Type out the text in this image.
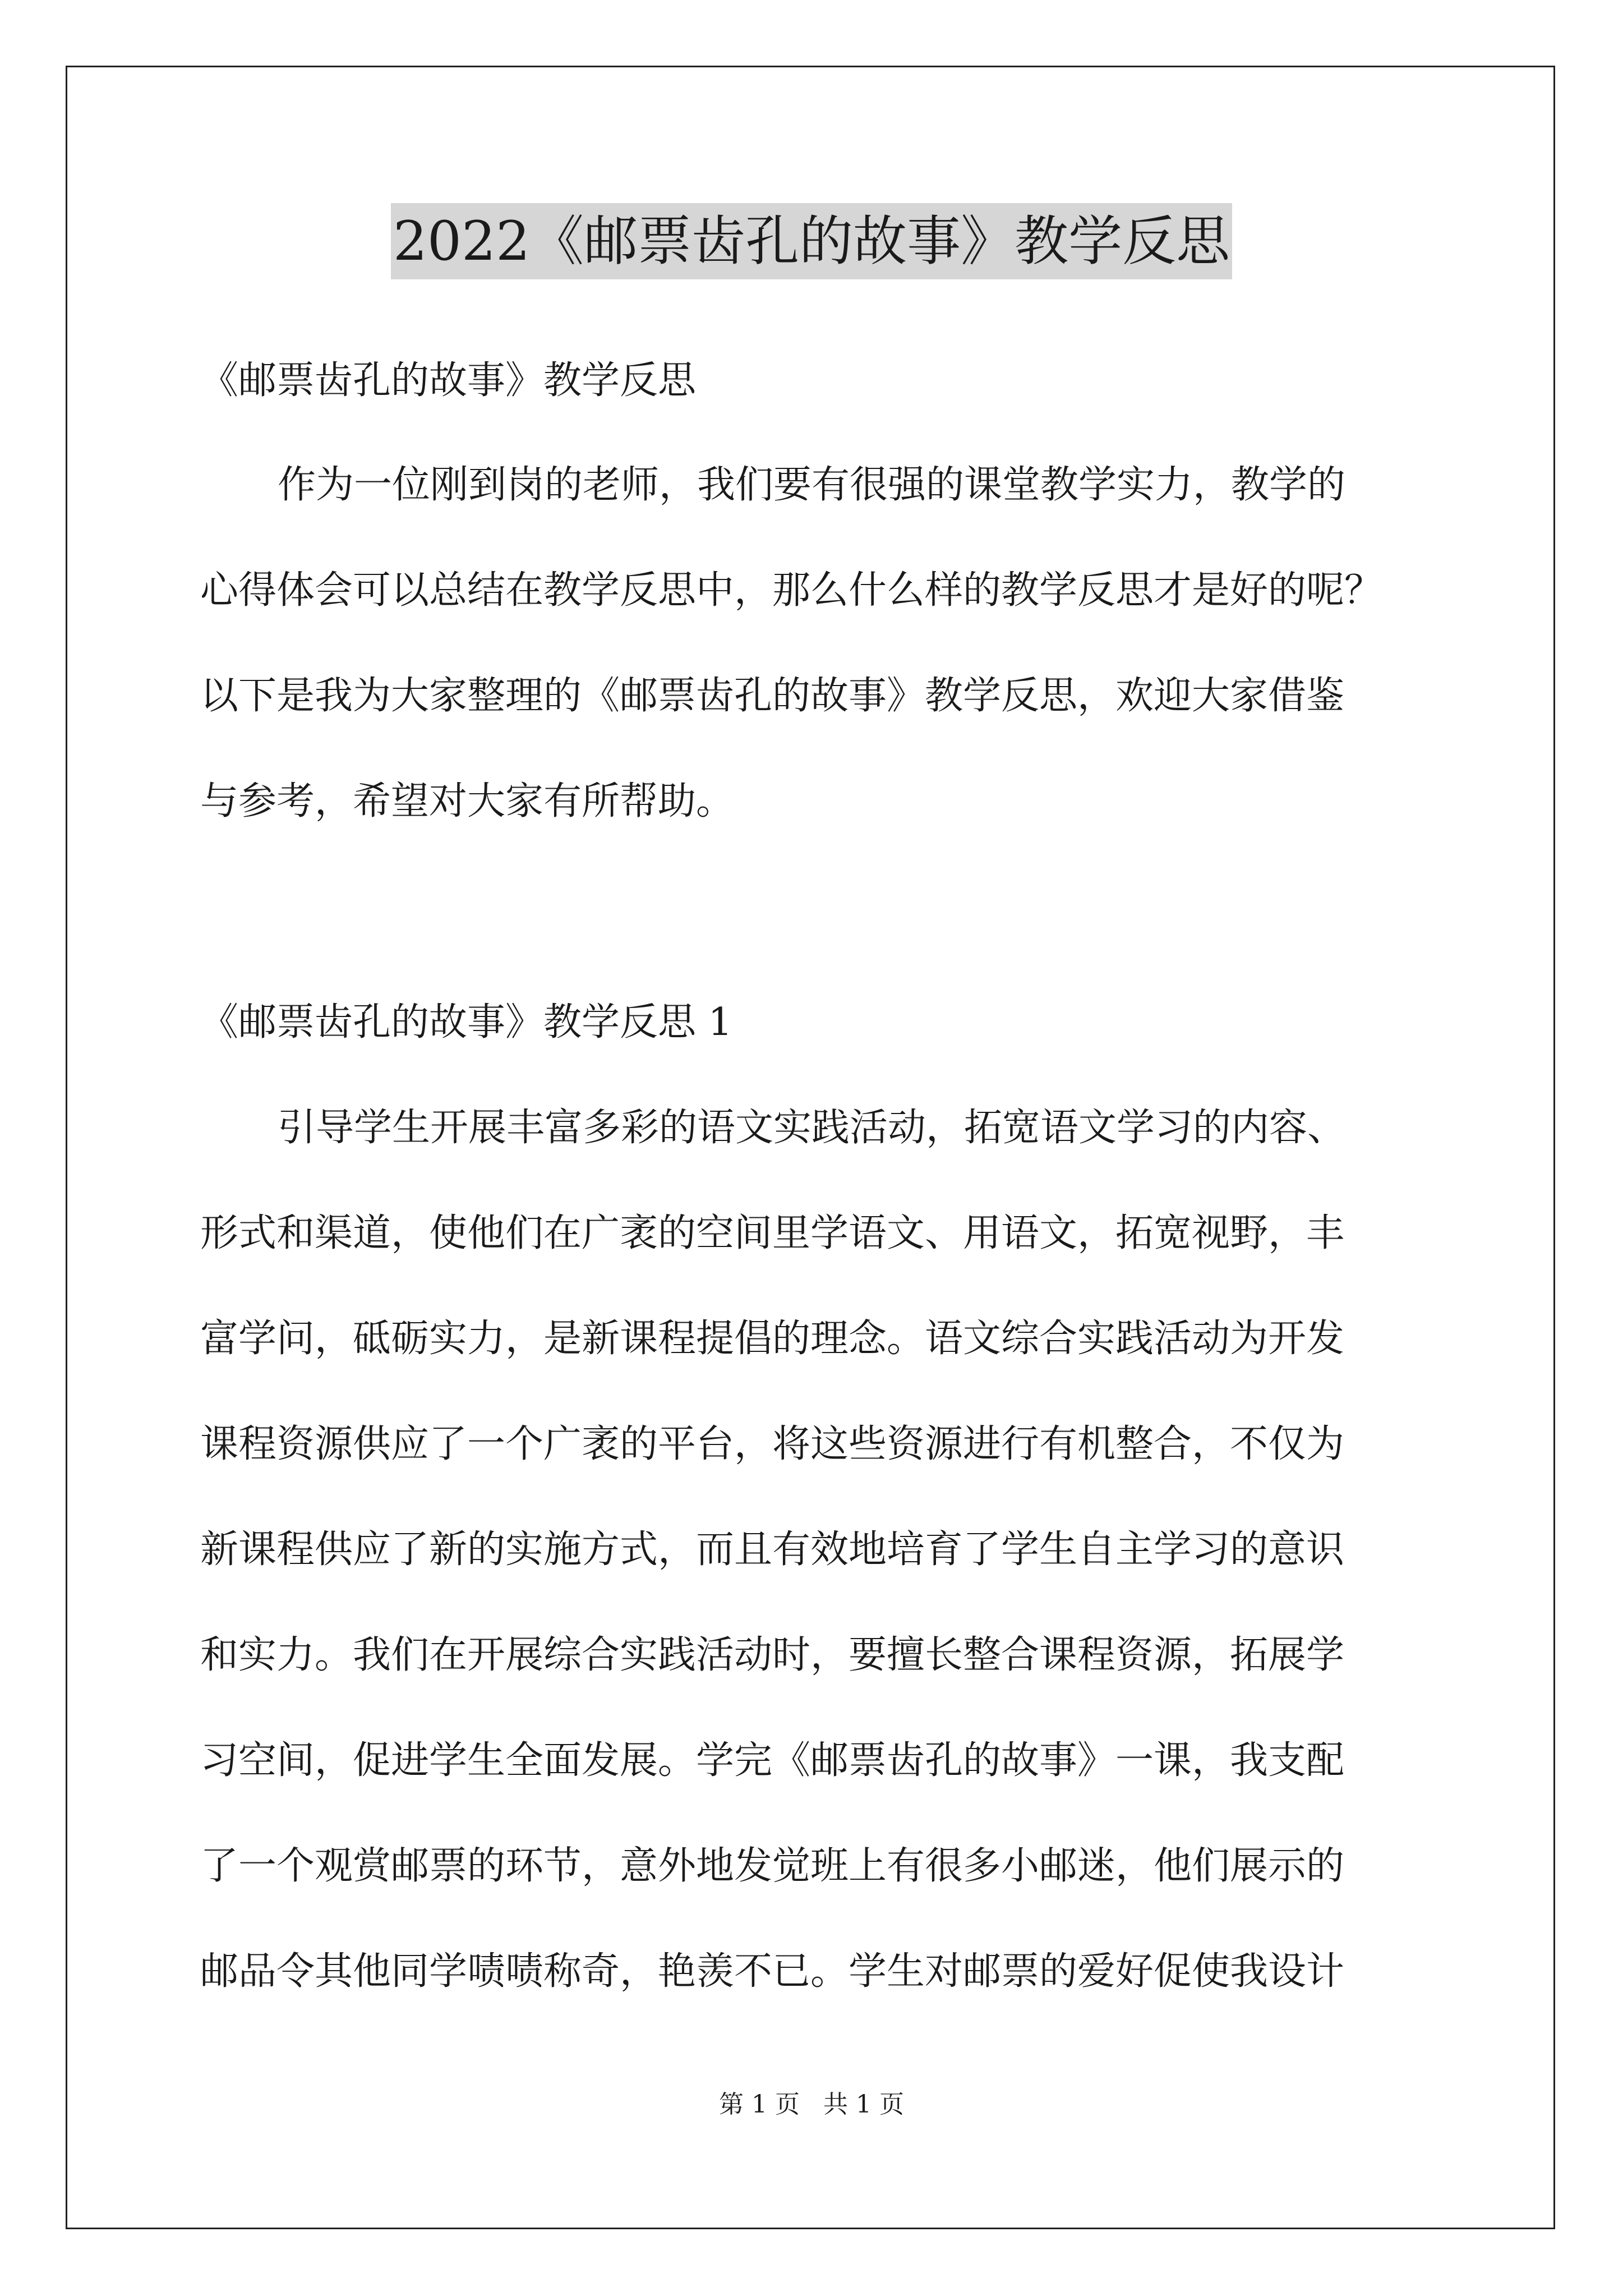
2022《邮票齿孔的故事》教学反思
《邮票齿孔的故事》教学反思
作为一位刚到岗的老师，我们要有很强的课堂教学实力，教学的
心得体会可以总结在教学反思中，那么什么样的教学反思才是好的呢？
以下是我为大家整理的《邮票齿孔的故事》教学反思，欢迎大家借鉴
与参考，希望对大家有所帮助。
《邮票齿孔的故事》教学反思 1
引导学生开展丰富多彩的语文实践活动，拓宽语文学习的内容、
形式和渠道，使他们在广袤的空间里学语文、用语文，拓宽视野，丰
富学问，砥砺实力，是新课程提倡的理念。语文综合实践活动为开发
课程资源供应了一个广袤的平台，将这些资源进行有机整合，不仅为
新课程供应了新的实施方式，而且有效地培育了学生自主学习的意识
和实力。我们在开展综合实践活动时，要擅长整合课程资源，拓展学
习空间，促进学生全面发展。学完《邮票齿孔的故事》一课，我支配
了一个观赏邮票的环节，意外地发觉班上有很多小邮迷，他们展示的
邮品令其他同学啧啧称奇，艳羡不已。学生对邮票的爱好促使我设计
第 1 页   共 1 页
